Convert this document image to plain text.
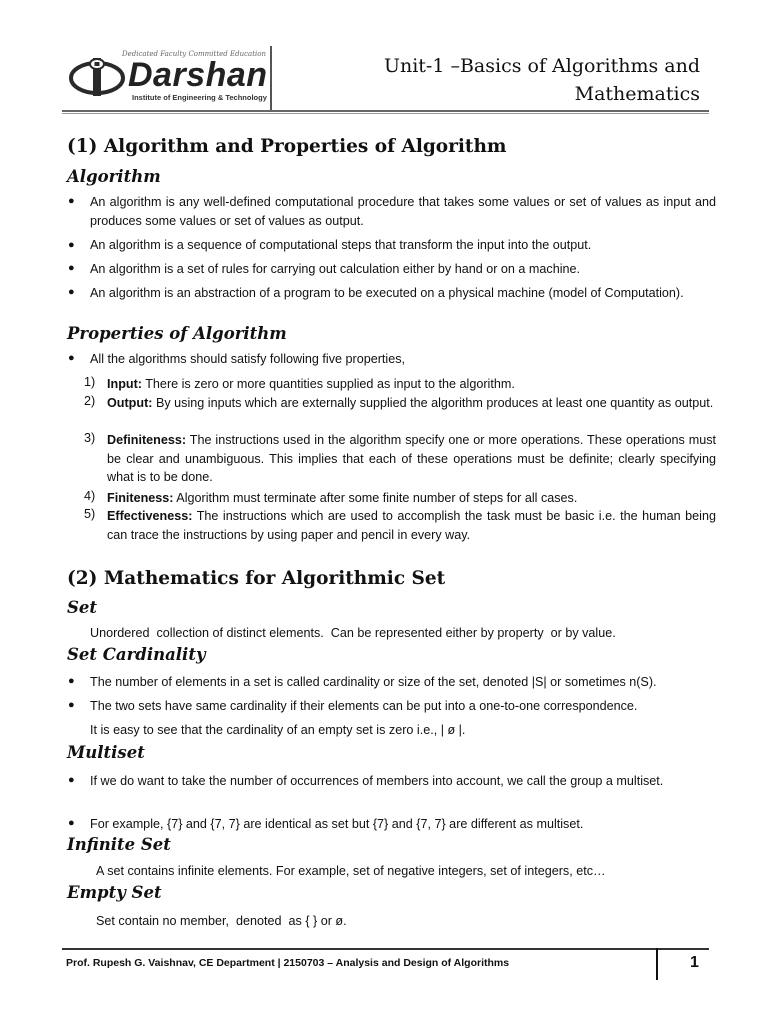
Dedicated Faculty Committed Education
Darshan
Institute of Engineering & Technology
Unit-1 –Basics of Algorithms and
Mathematics
(1) Algorithm and Properties of Algorithm
Algorithm
● An algorithm is any well-defined computational procedure that takes some values or set of values as input and produces some values or set of values as output.
● An algorithm is a sequence of computational steps that transform the input into the output.
● An algorithm is a set of rules for carrying out calculation either by hand or on a machine.
● An algorithm is an abstraction of a program to be executed on a physical machine (model of Computation).
Properties of Algorithm
● All the algorithms should satisfy following five properties,
1) Input: There is zero or more quantities supplied as input to the algorithm.
2) Output: By using inputs which are externally supplied the algorithm produces at least one quantity as output.
3) Definiteness: The instructions used in the algorithm specify one or more operations. These operations must be clear and unambiguous. This implies that each of these operations must be definite; clearly specifying what is to be done.
4) Finiteness: Algorithm must terminate after some finite number of steps for all cases.
5) Effectiveness: The instructions which are used to accomplish the task must be basic i.e. the human being can trace the instructions by using paper and pencil in every way.
(2) Mathematics for Algorithmic Set
Set
Unordered  collection of distinct elements.  Can be represented either by property  or by value.
Set Cardinality
● The number of elements in a set is called cardinality or size of the set, denoted |S| or sometimes n(S).
● The two sets have same cardinality if their elements can be put into a one-to-one correspondence.
It is easy to see that the cardinality of an empty set is zero i.e., | ø |.
Multiset
● If we do want to take the number of occurrences of members into account, we call the group a multiset.
● For example, {7} and {7, 7} are identical as set but {7} and {7, 7} are different as multiset.
Infinite Set
A set contains infinite elements. For example, set of negative integers, set of integers, etc…
Empty Set
Set contain no member,  denoted  as { } or ø.
Prof. Rupesh G. Vaishnav, CE Department | 2150703 – Analysis and Design of Algorithms	1
